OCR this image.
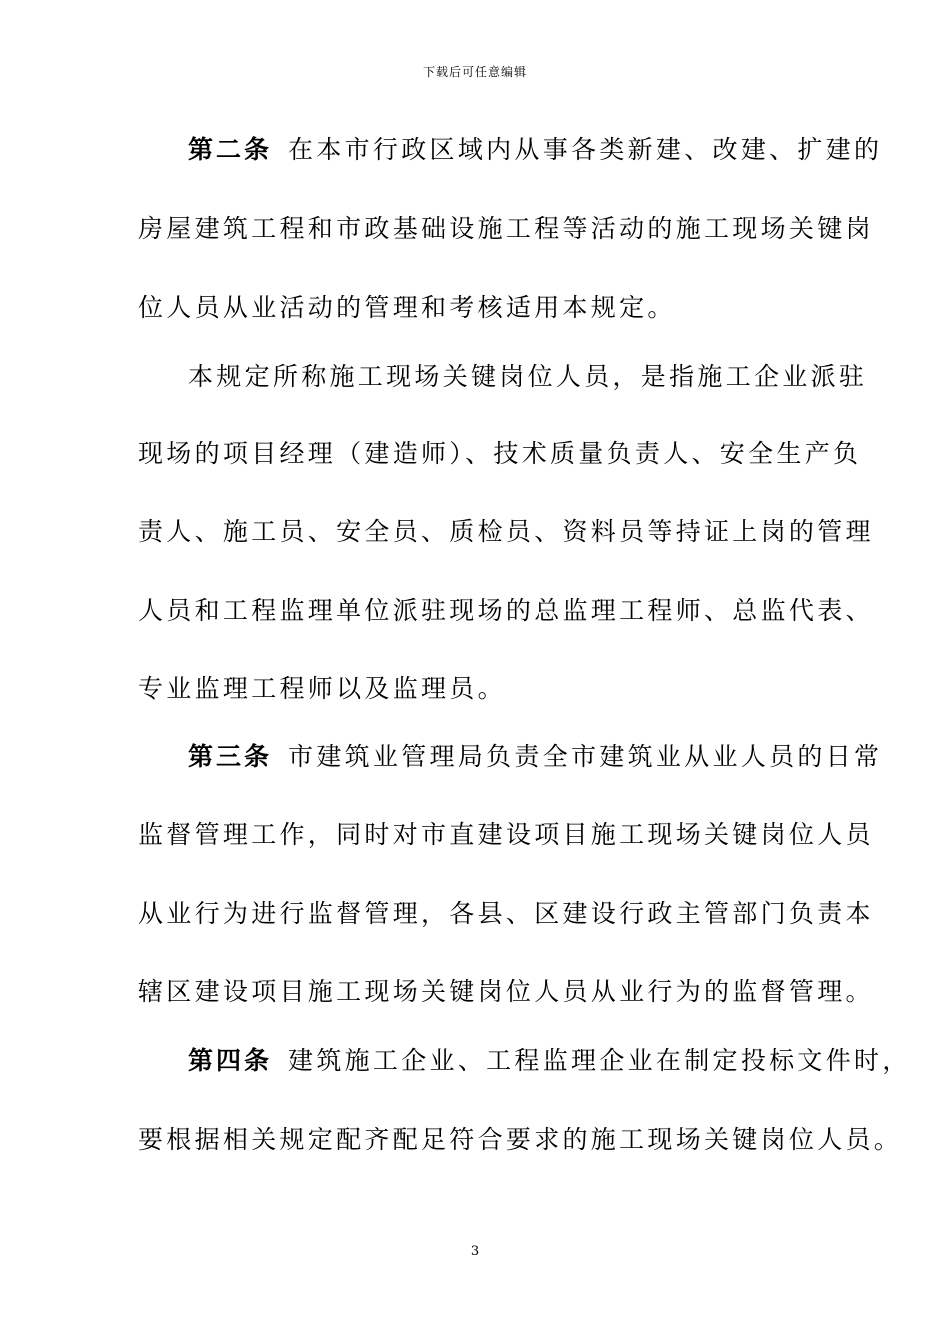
下载后可任意编辑
第二条 在本市行政区域内从事各类新建、改建、扩建的
房屋建筑工程和市政基础设施工程等活动的施工现场关键岗
位人员从业活动的管理和考核适用本规定。
本规定所称施工现场关键岗位人员，是指施工企业派驻
现场的项目经理（建造师）、技术质量负责人、安全生产负
责人、施工员、安全员、质检员、资料员等持证上岗的管理
人员和工程监理单位派驻现场的总监理工程师、总监代表、
专业监理工程师以及监理员。
第三条 市建筑业管理局负责全市建筑业从业人员的日常
监督管理工作，同时对市直建设项目施工现场关键岗位人员
从业行为进行监督管理，各县、区建设行政主管部门负责本
辖区建设项目施工现场关键岗位人员从业行为的监督管理。
第四条 建筑施工企业、工程监理企业在制定投标文件时，
要根据相关规定配齐配足符合要求的施工现场关键岗位人员。
3
